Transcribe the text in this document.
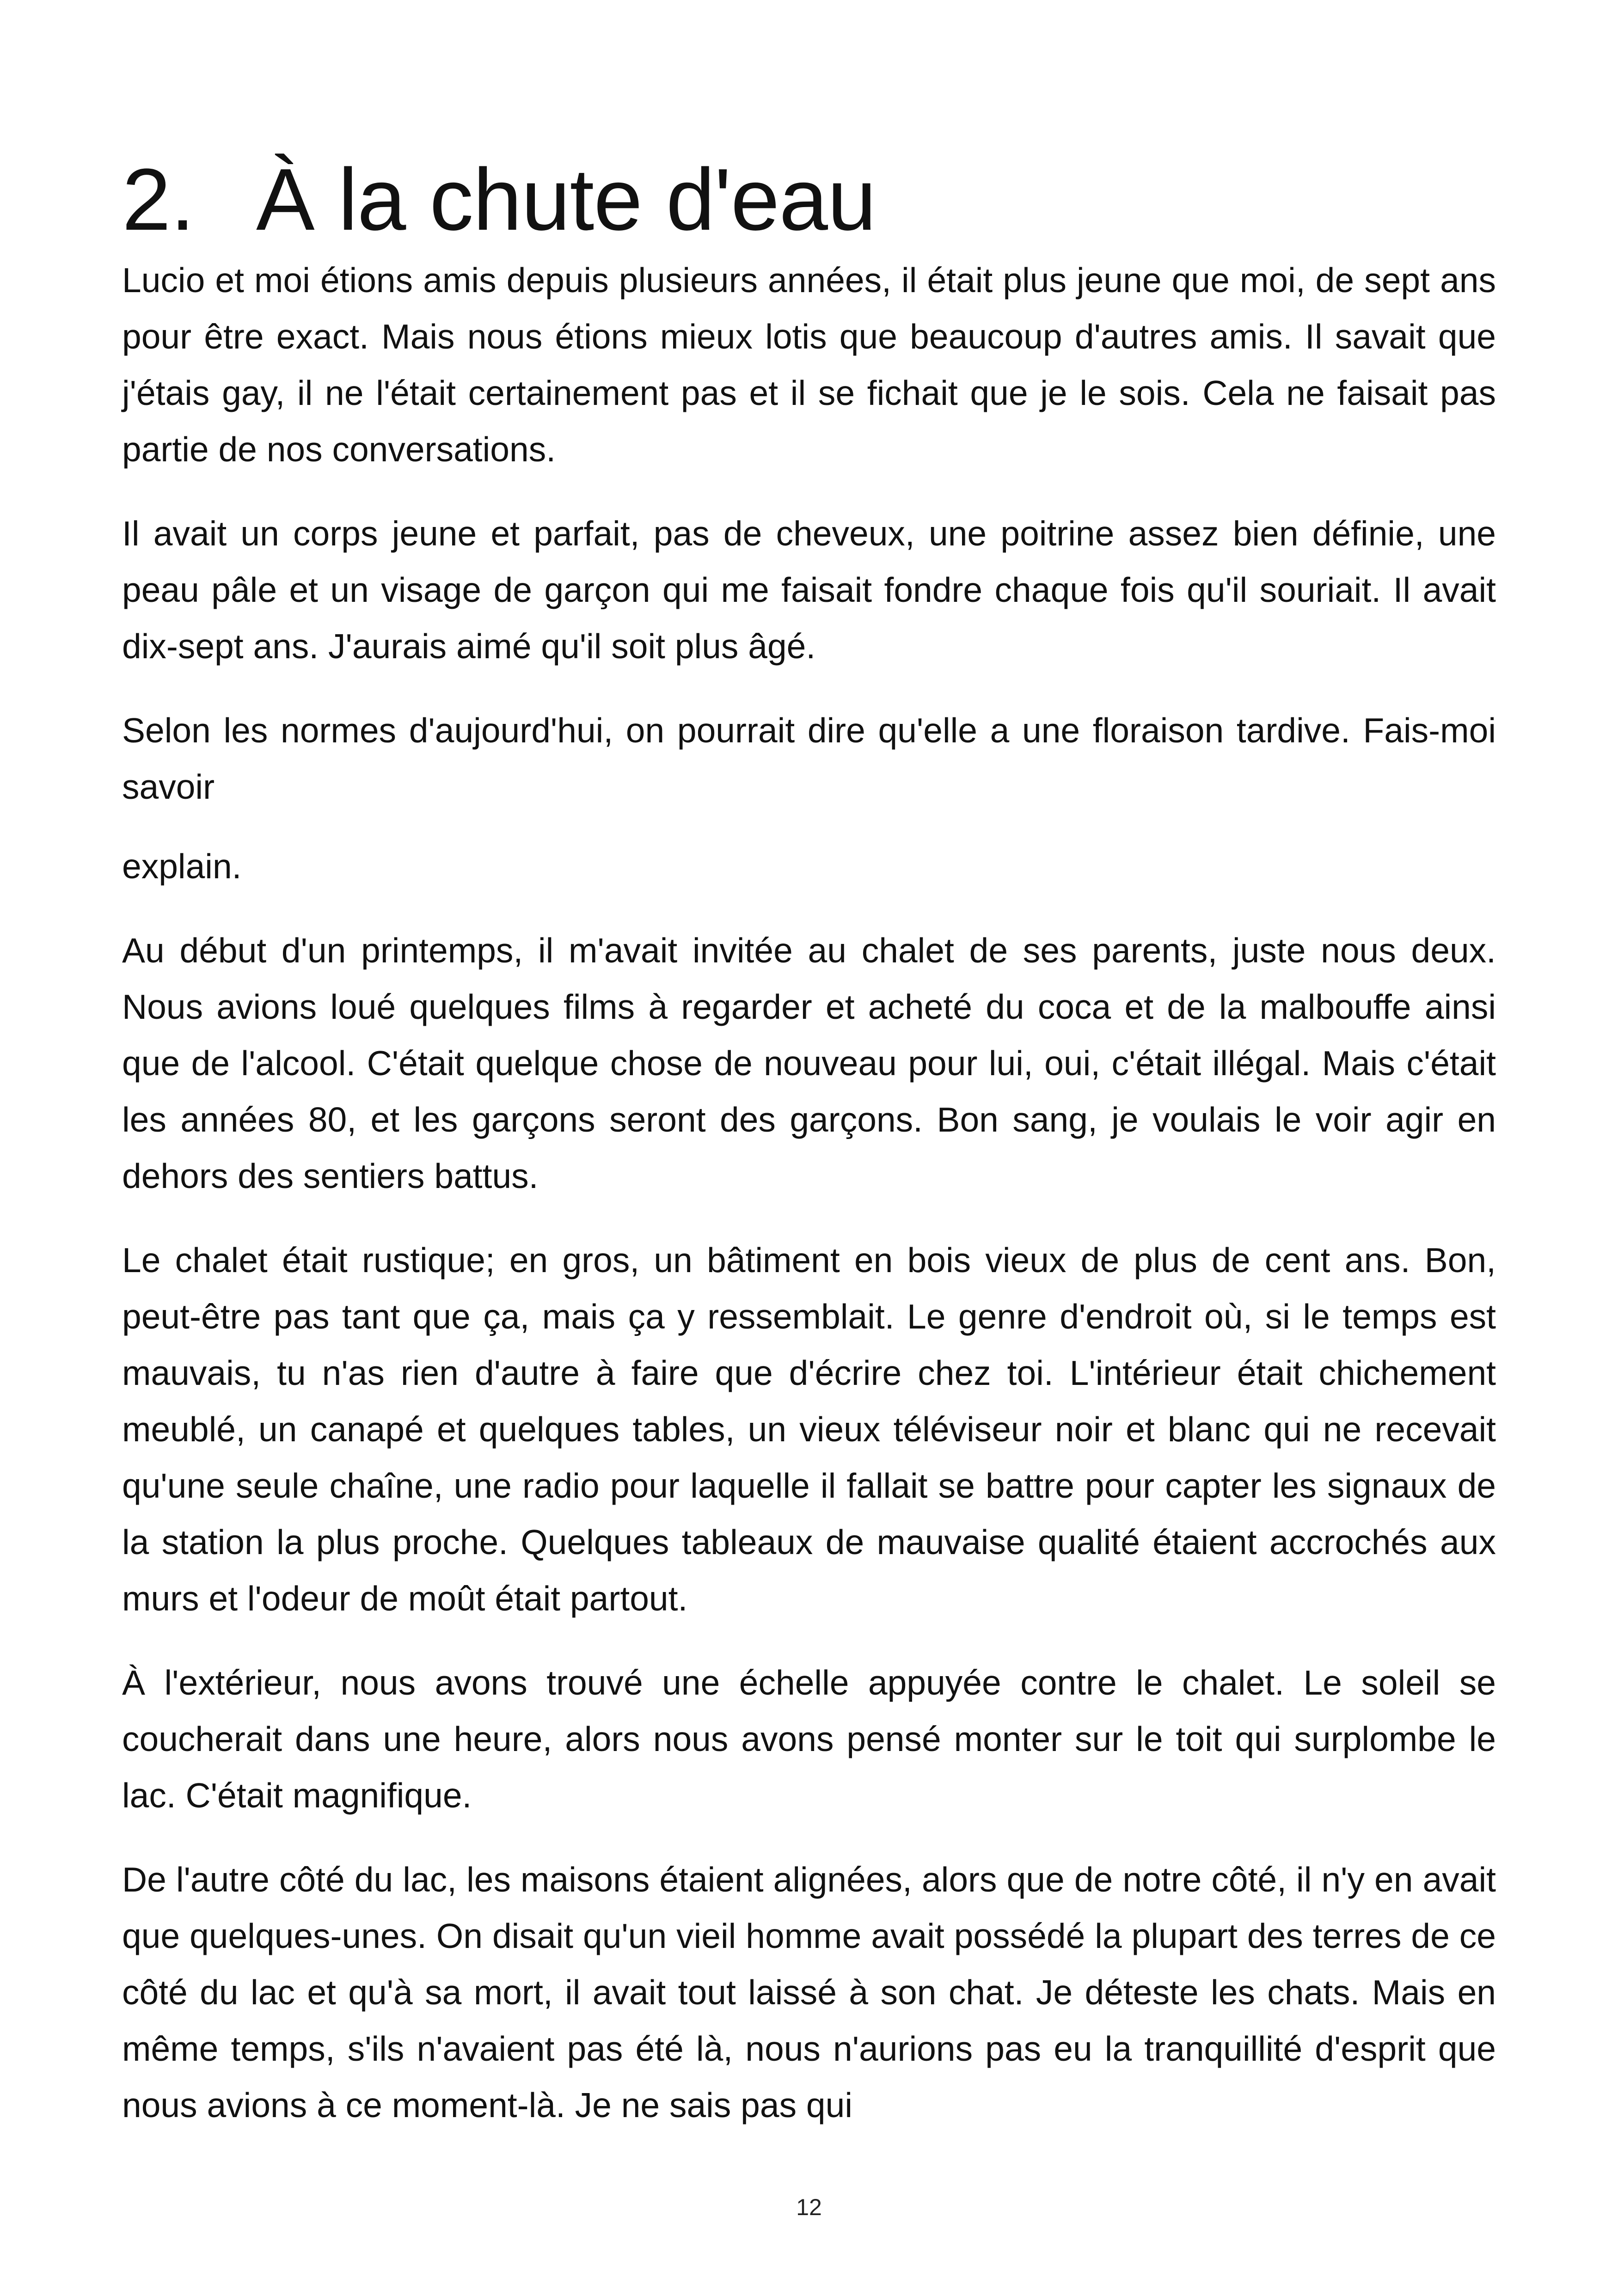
2. À la chute d'eau

Lucio et moi étions amis depuis plusieurs années, il était plus jeune que moi, de sept ans pour être exact. Mais nous étions mieux lotis que beaucoup d'autres amis. Il savait que j'étais gay, il ne l'était certainement pas et il se fichait que je le sois. Cela ne faisait pas partie de nos conversations.

Il avait un corps jeune et parfait, pas de cheveux, une poitrine assez bien définie, une peau pâle et un visage de garçon qui me faisait fondre chaque fois qu'il souriait. Il avait dix-sept ans. J'aurais aimé qu'il soit plus âgé.

Selon les normes d'aujourd'hui, on pourrait dire qu'elle a une floraison tardive. Fais-moi savoir

explain.

Au début d'un printemps, il m'avait invitée au chalet de ses parents, juste nous deux. Nous avions loué quelques films à regarder et acheté du coca et de la malbouffe ainsi que de l'alcool. C'était quelque chose de nouveau pour lui, oui, c'était illégal. Mais c'était les années 80, et les garçons seront des garçons. Bon sang, je voulais le voir agir en dehors des sentiers battus.

Le chalet était rustique; en gros, un bâtiment en bois vieux de plus de cent ans. Bon, peut-être pas tant que ça, mais ça y ressemblait. Le genre d'endroit où, si le temps est mauvais, tu n'as rien d'autre à faire que d'écrire chez toi. L'intérieur était chichement meublé, un canapé et quelques tables, un vieux téléviseur noir et blanc qui ne recevait qu'une seule chaîne, une radio pour laquelle il fallait se battre pour capter les signaux de la station la plus proche. Quelques tableaux de mauvaise qualité étaient accrochés aux murs et l'odeur de moût était partout.

À l'extérieur, nous avons trouvé une échelle appuyée contre le chalet. Le soleil se coucherait dans une heure, alors nous avons pensé monter sur le toit qui surplombe le lac. C'était magnifique.

De l'autre côté du lac, les maisons étaient alignées, alors que de notre côté, il n'y en avait que quelques-unes. On disait qu'un vieil homme avait possédé la plupart des terres de ce côté du lac et qu'à sa mort, il avait tout laissé à son chat. Je déteste les chats. Mais en même temps, s'ils n'avaient pas été là, nous n'aurions pas eu la tranquillité d'esprit que nous avions à ce moment-là. Je ne sais pas qui

12
